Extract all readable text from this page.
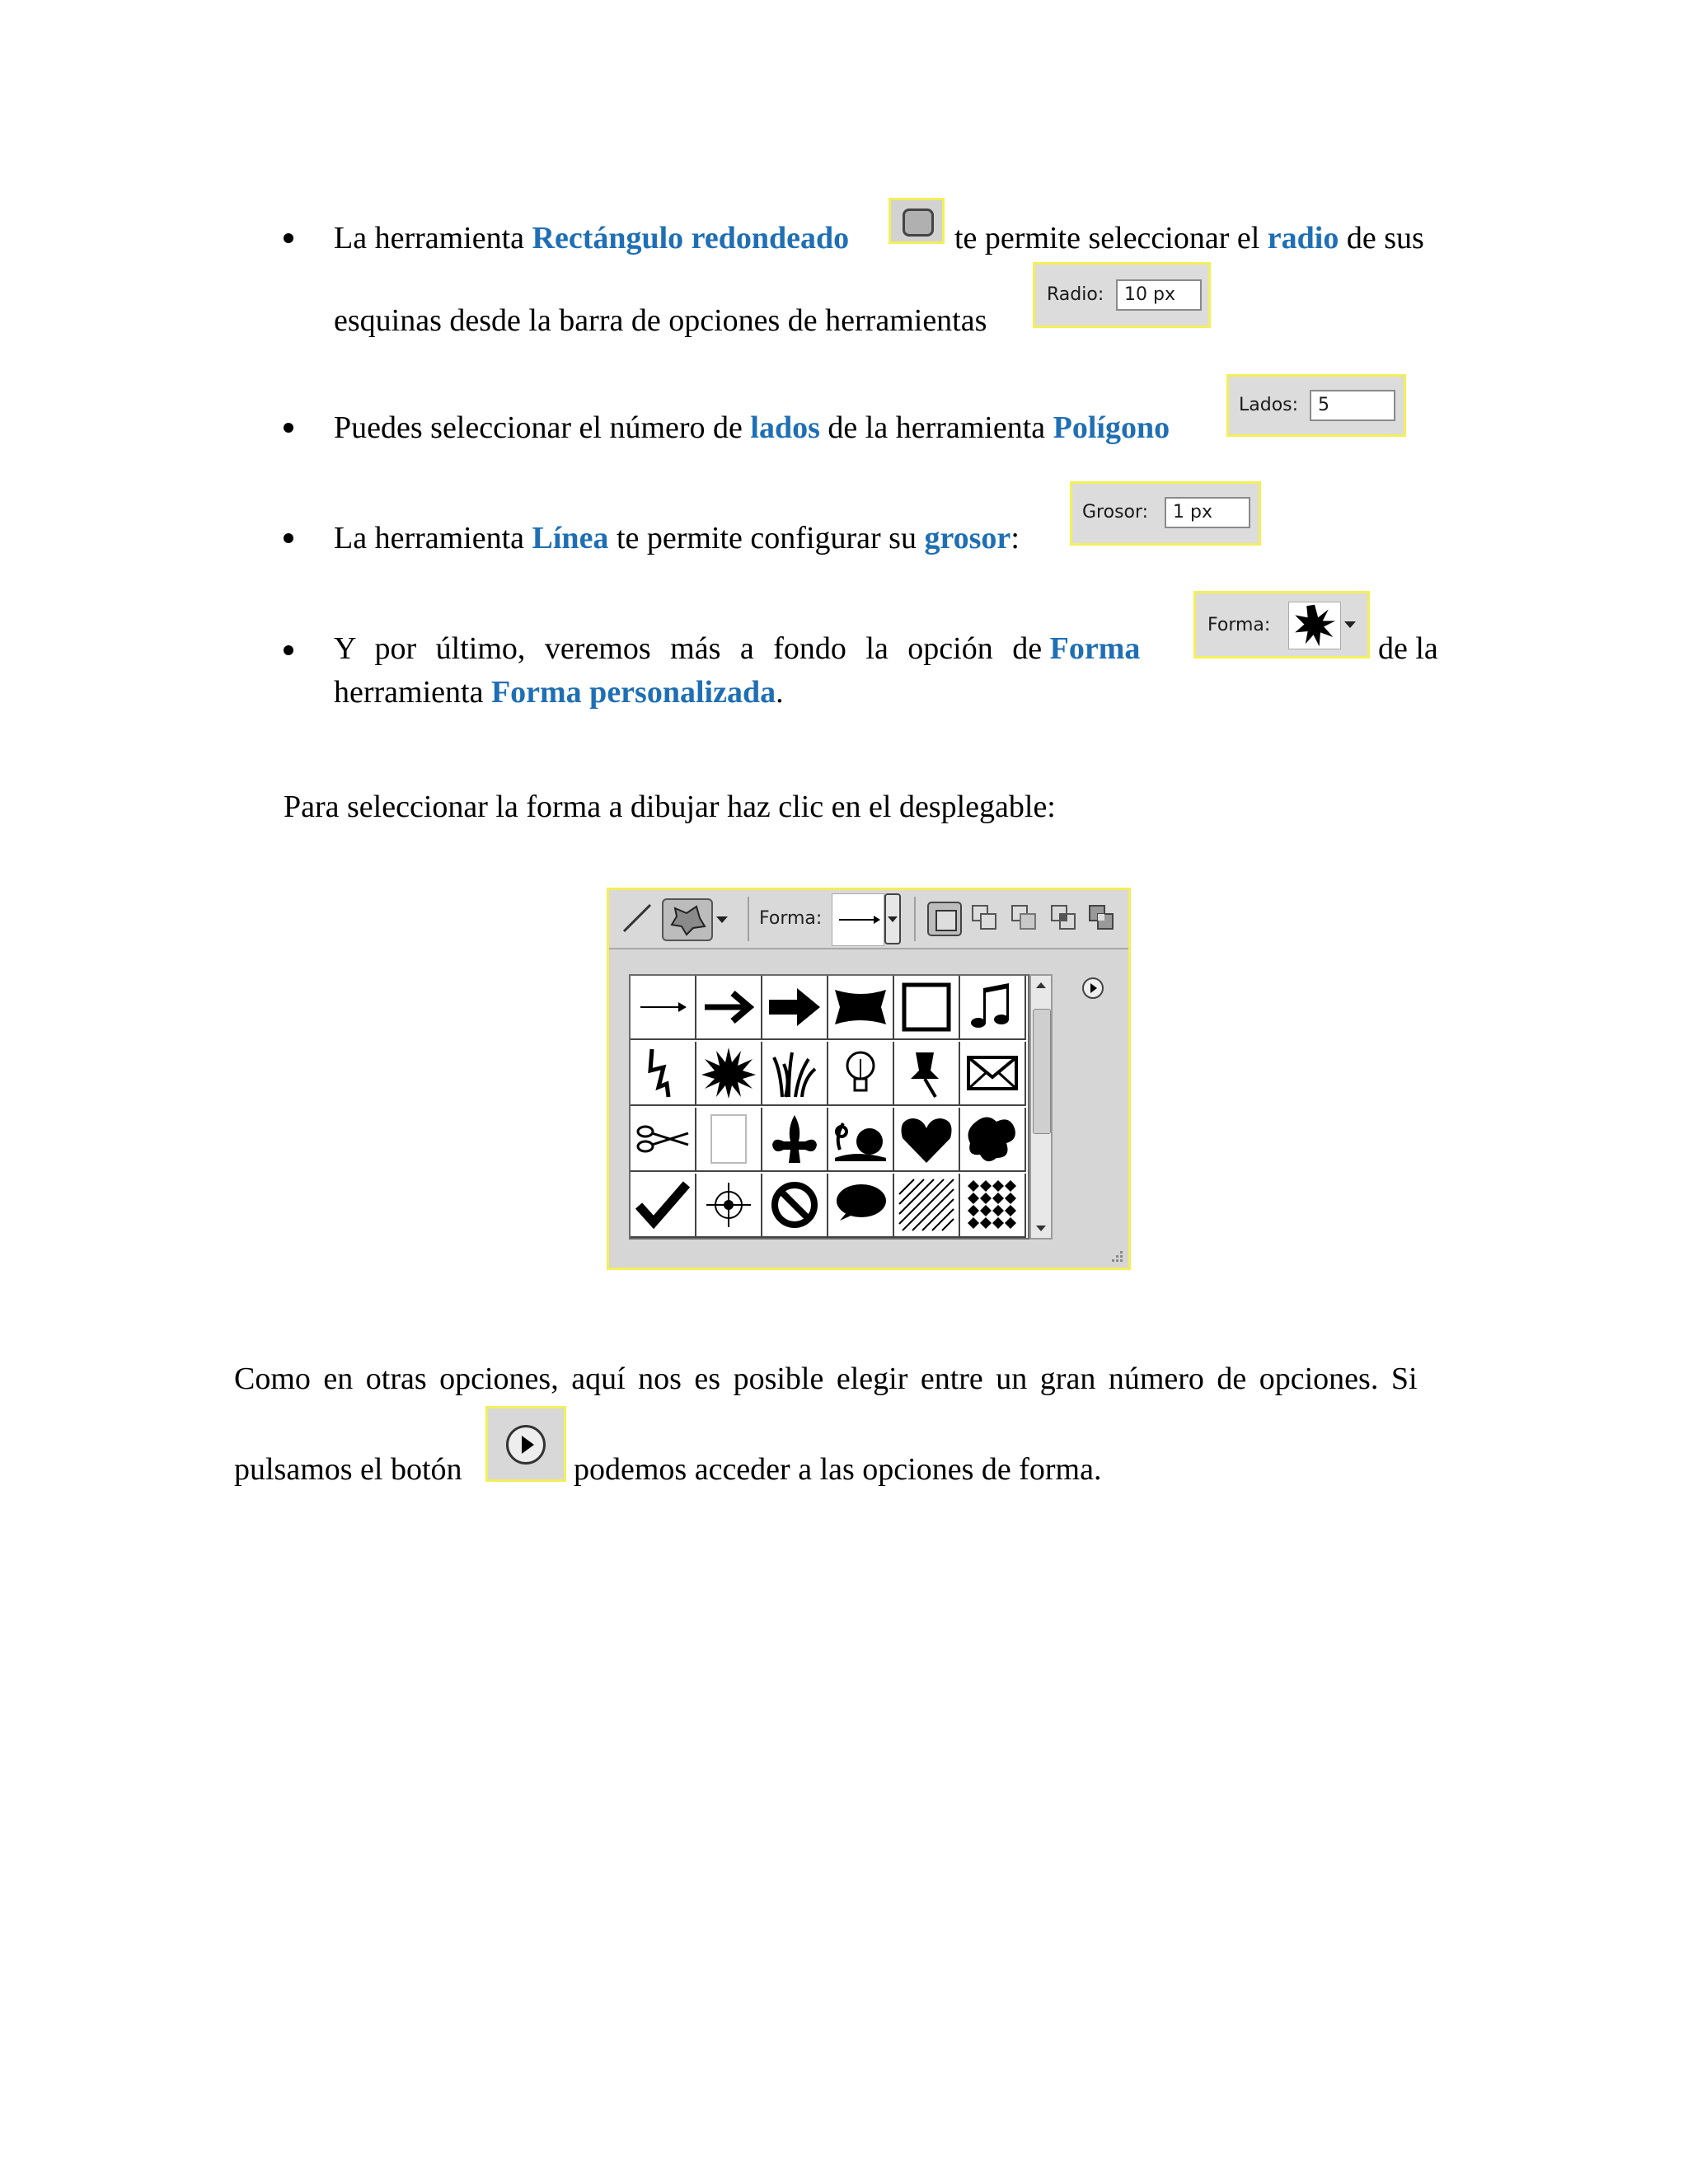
La herramienta Rectángulo redondeado	te permite seleccionar el radio de sus
esquinas desde la barra de opciones de herramientas
Radio:	10 px
Puedes seleccionar el número de lados de la herramienta Polígono
Lados:	5
La herramienta Línea te permite configurar su grosor:
Grosor:	1 px
Y por último, veremos más a fondo la opción de Forma
Forma:
de la
herramienta Forma personalizada.
Para seleccionar la forma a dibujar haz clic en el desplegable:
Forma:
Como en otras opciones, aquí nos es posible elegir entre un gran número de opciones. Si
pulsamos el botón	podemos acceder a las opciones de forma.
